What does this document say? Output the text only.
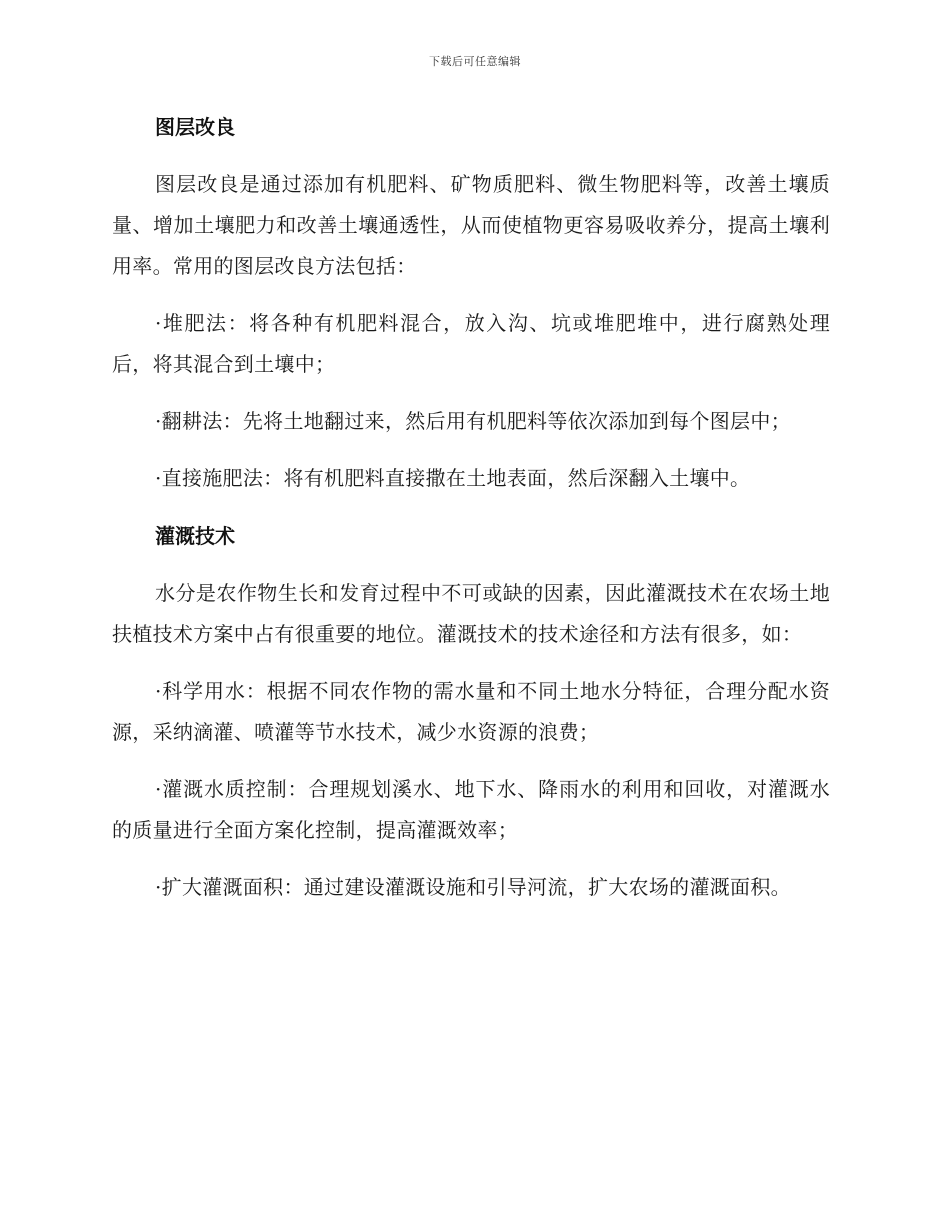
下载后可任意编辑
图层改良

图层改良是通过添加有机肥料、矿物质肥料、微生物肥料等，改善土壤质量、增加土壤肥力和改善土壤通透性，从而使植物更容易吸收养分，提高土壤利用率。常用的图层改良方法包括：

·堆肥法：将各种有机肥料混合，放入沟、坑或堆肥堆中，进行腐熟处理后，将其混合到土壤中；

·翻耕法：先将土地翻过来，然后用有机肥料等依次添加到每个图层中；

·直接施肥法：将有机肥料直接撒在土地表面，然后深翻入土壤中。

灌溉技术

水分是农作物生长和发育过程中不可或缺的因素，因此灌溉技术在农场土地扶植技术方案中占有很重要的地位。灌溉技术的技术途径和方法有很多，如：

·科学用水：根据不同农作物的需水量和不同土地水分特征，合理分配水资源，采纳滴灌、喷灌等节水技术，减少水资源的浪费；

·灌溉水质控制：合理规划溪水、地下水、降雨水的利用和回收，对灌溉水的质量进行全面方案化控制，提高灌溉效率；

·扩大灌溉面积：通过建设灌溉设施和引导河流，扩大农场的灌溉面积。
